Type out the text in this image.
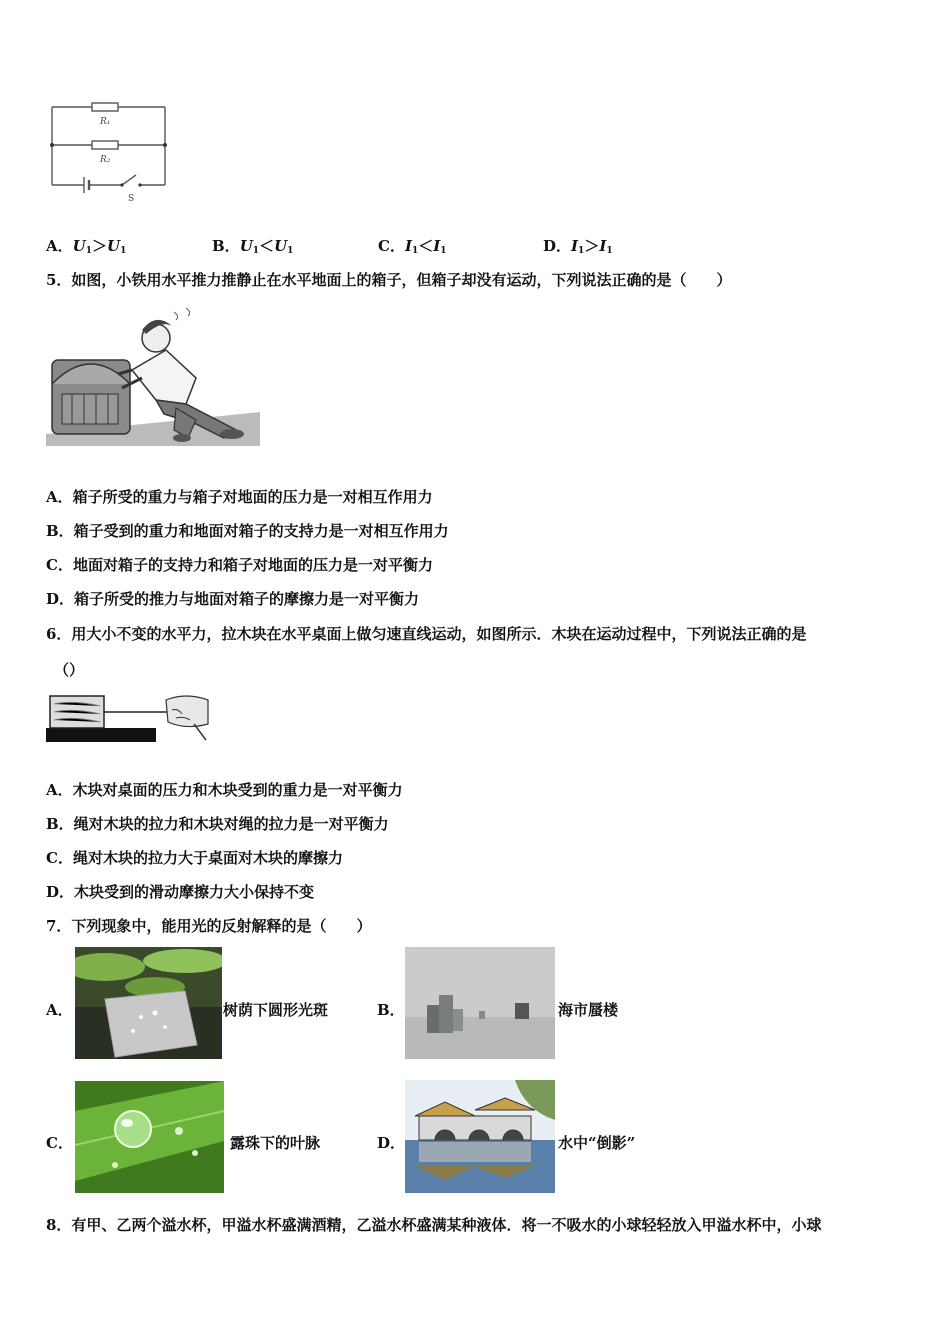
R₁
R₂
S
A．$U_1>U_1$	B．$U_1<U_1$	C．$I_1<I_1$	D．$I_1>I_1$
5．如图，小铁用水平推力推静止在水平地面上的箱子，但箱子却没有运动，下列说法正确的是（　　）
A．箱子所受的重力与箱子对地面的压力是一对相互作用力
B．箱子受到的重力和地面对箱子的支持力是一对相互作用力
C．地面对箱子的支持力和箱子对地面的压力是一对平衡力
D．箱子所受的推力与地面对箱子的摩擦力是一对平衡力
6．用大小不变的水平力，拉木块在水平桌面上做匀速直线运动，如图所示．木块在运动过程中，下列说法正确的是
（）
A．木块对桌面的压力和木块受到的重力是一对平衡力
B．绳对木块的拉力和木块对绳的拉力是一对平衡力
C．绳对木块的拉力大于桌面对木块的摩擦力
D．木块受到的滑动摩擦力大小保持不变
7．下列现象中，能用光的反射解释的是（　　）
A．	树荫下圆形光斑	B．	海市蜃楼
C．	露珠下的叶脉	D．	水中“倒影”
8．有甲、乙两个溢水杯，甲溢水杯盛满酒精，乙溢水杯盛满某种液体．将一不吸水的小球轻轻放入甲溢水杯中，小球
